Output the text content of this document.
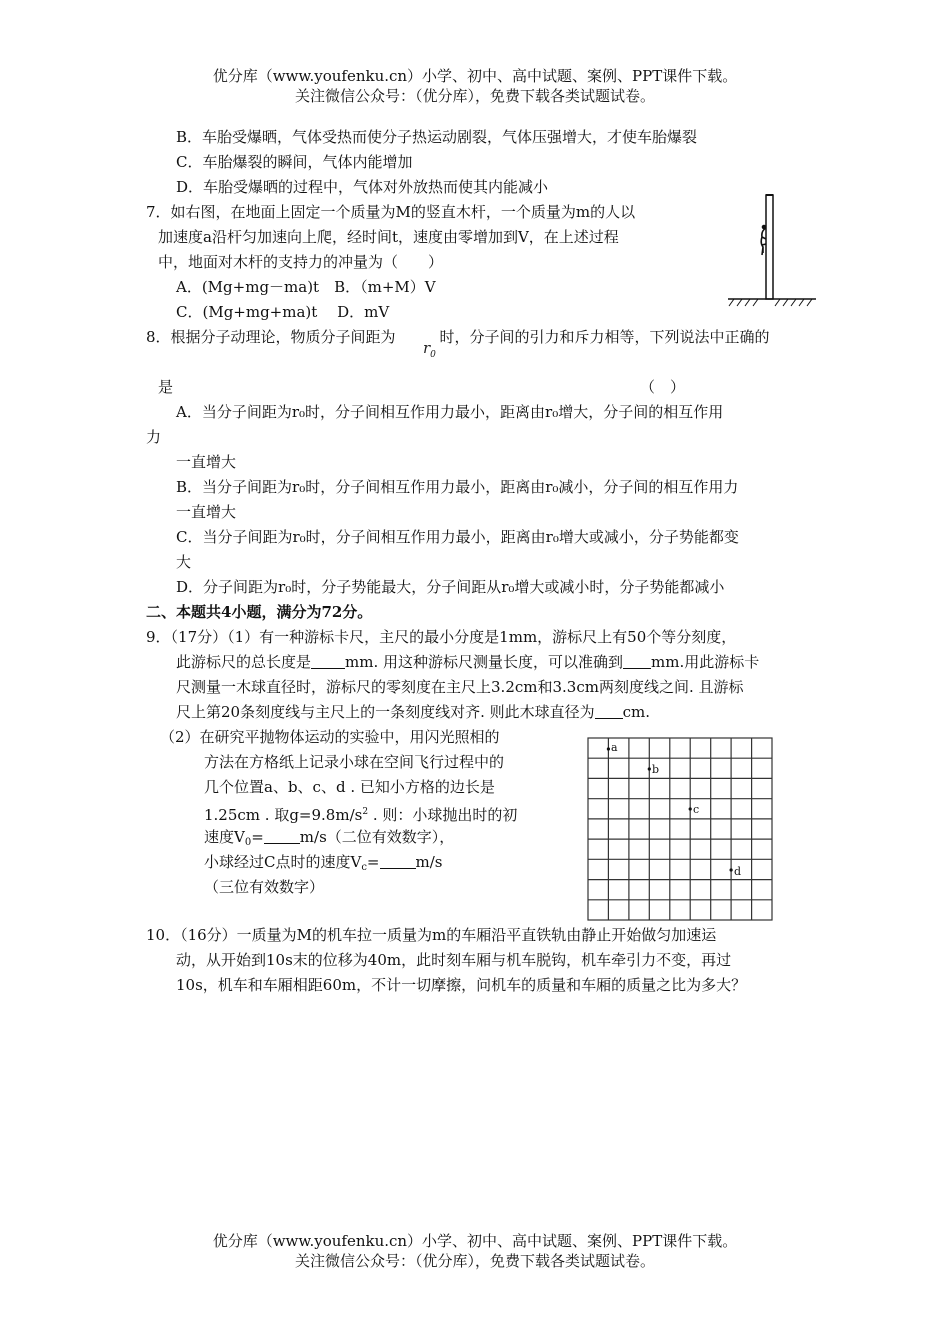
优分库（www.youfenku.cn）小学、初中、高中试题、案例、PPT课件下载。
关注微信公众号：（优分库），免费下载各类试题试卷。
B．车胎受爆晒，气体受热而使分子热运动剧裂，气体压强增大，才使车胎爆裂
C．车胎爆裂的瞬间，气体内能增加
D．车胎受爆晒的过程中，气体对外放热而使其内能减小
7．如右图，在地面上固定一个质量为M的竖直木杆，一个质量为m的人以
加速度a沿杆匀加速向上爬，经时间t，速度由零增加到V，在上述过程
中，地面对木杆的支持力的冲量为（　　）
A．(Mg+mg－ma)t　B．（m+M）V
C．(Mg+mg+ma)t　 D．mV
8．根据分子动理论，物质分子间距为	时，分子间的引力和斥力相等，下列说法中正确的
$r_0$
是	（　）
A．当分子间距为r₀时，分子间相互作用力最小，距离由r₀增大，分子间的相互作用
力
一直增大
B．当分子间距为r₀时，分子间相互作用力最小，距离由r₀减小，分子间的相互作用力
一直增大
C．当分子间距为r₀时，分子间相互作用力最小，距离由r₀增大或减小，分子势能都变
大
D．分子间距为r₀时，分子势能最大，分子间距从r₀增大或减小时，分子势能都减小
二、本题共4小题，满分为72分。
9．（17分）（1）有一种游标卡尺，主尺的最小分度是1mm，游标尺上有50个等分刻度，
此游标尺的总长度是 mm. 用这种游标尺测量长度，可以准确到 mm.用此游标卡
尺测量一木球直径时，游标尺的零刻度在主尺上3.2cm和3.3cm两刻度线之间. 且游标
尺上第20条刻度线与主尺上的一条刻度线对齐. 则此木球直径为 cm.
（2）在研究平抛物体运动的实验中，用闪光照相的
方法在方格纸上记录小球在空间飞行过程中的
几个位置a、b、c、d . 已知小方格的边长是
1.25cm . 取$g=9.8m/s^2$ . 则：小球抛出时的初
速度$V_0= m/s$（二位有效数字），
小球经过C点时的速度$V_c= m/s$
（三位有效数字）
a
b
c
d
10．（16分）一质量为M的机车拉一质量为m的车厢沿平直铁轨由静止开始做匀加速运
动，从开始到10s末的位移为40m，此时刻车厢与机车脱钩，机车牵引力不变，再过
10s，机车和车厢相距60m，不计一切摩擦，问机车的质量和车厢的质量之比为多大？
优分库（www.youfenku.cn）小学、初中、高中试题、案例、PPT课件下载。
关注微信公众号：（优分库），免费下载各类试题试卷。
